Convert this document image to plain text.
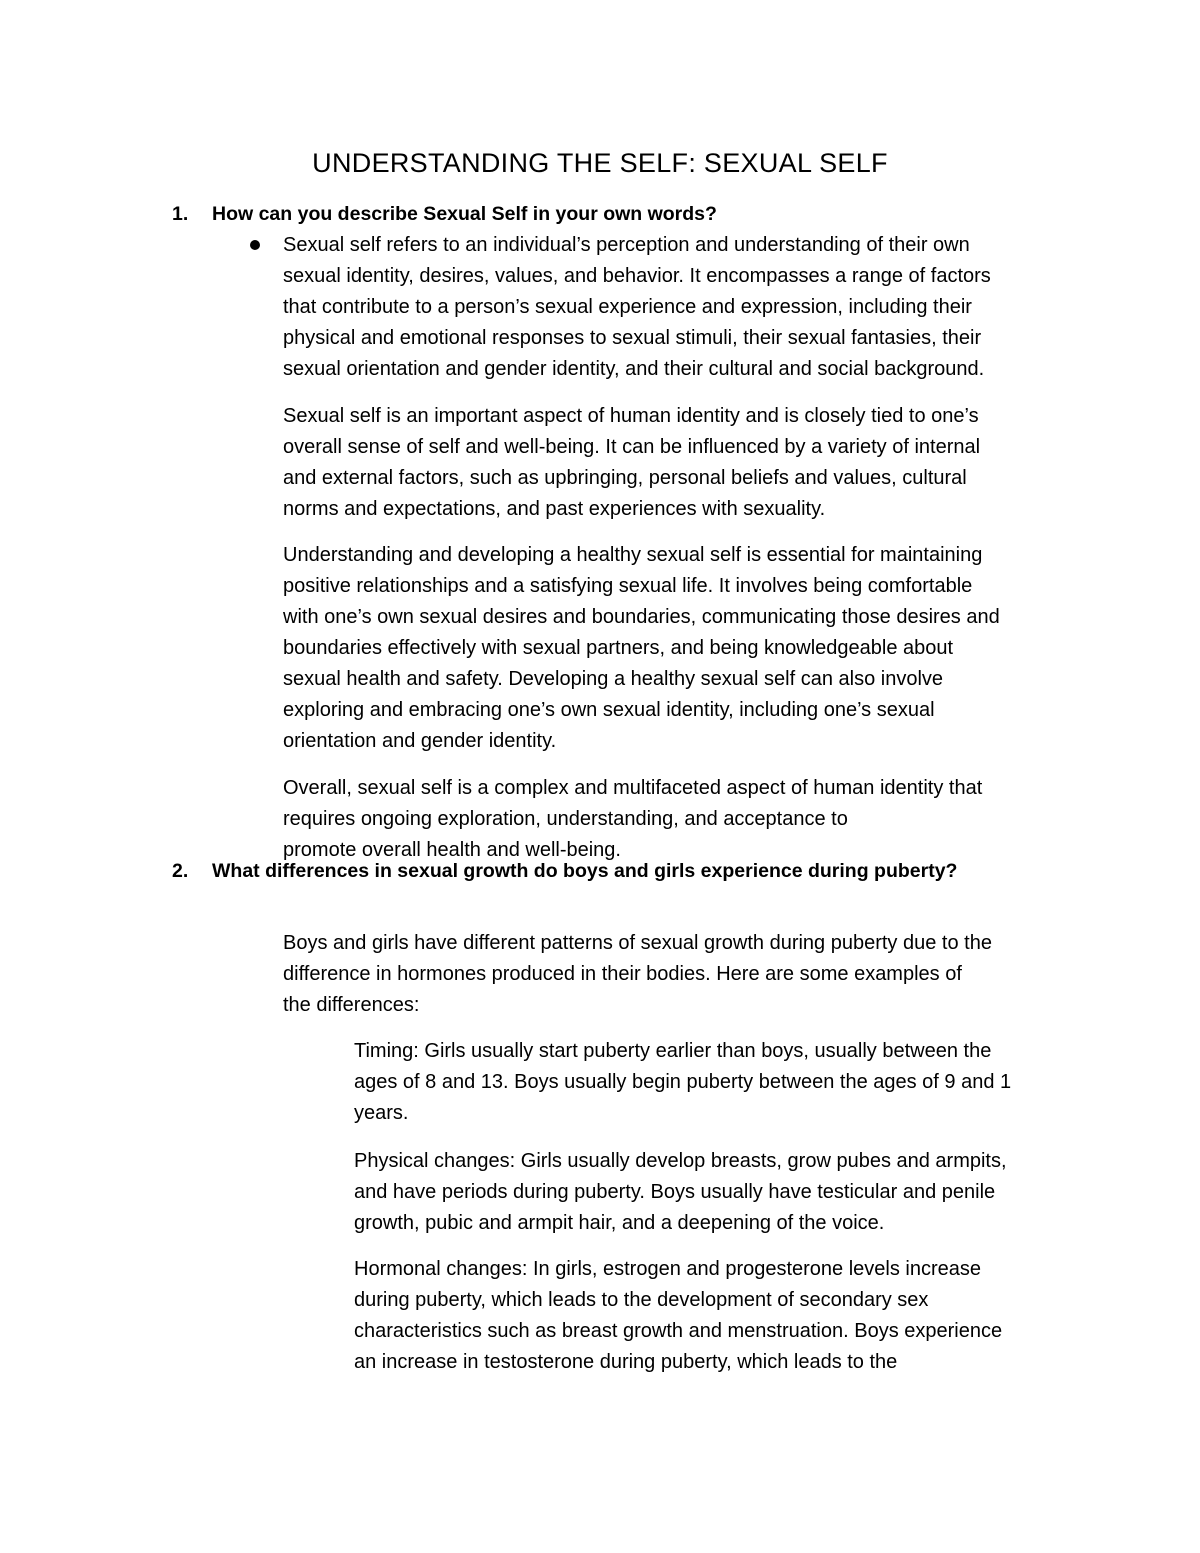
UNDERSTANDING THE SELF: SEXUAL SELF
1. How can you describe Sexual Self in your own words?

Sexual self refers to an individual’s perception and understanding of their own
sexual identity, desires, values, and behavior. It encompasses a range of factors
that contribute to a person’s sexual experience and expression, including their
physical and emotional responses to sexual stimuli, their sexual fantasies, their
sexual orientation and gender identity, and their cultural and social background.

Sexual self is an important aspect of human identity and is closely tied to one’s
overall sense of self and well-being. It can be influenced by a variety of internal
and external factors, such as upbringing, personal beliefs and values, cultural
norms and expectations, and past experiences with sexuality.

Understanding and developing a healthy sexual self is essential for maintaining
positive relationships and a satisfying sexual life. It involves being comfortable
with one’s own sexual desires and boundaries, communicating those desires and
boundaries effectively with sexual partners, and being knowledgeable about
sexual health and safety. Developing a healthy sexual self can also involve
exploring and embracing one’s own sexual identity, including one’s sexual
orientation and gender identity.

Overall, sexual self is a complex and multifaceted aspect of human identity that
requires ongoing exploration, understanding, and acceptance to
promote overall health and well-being.

2. What differences in sexual growth do boys and girls experience during puberty?

Boys and girls have different patterns of sexual growth during puberty due to the
difference in hormones produced in their bodies. Here are some examples of
the differences:

Timing: Girls usually start puberty earlier than boys, usually between the
ages of 8 and 13. Boys usually begin puberty between the ages of 9 and 1
years.

Physical changes: Girls usually develop breasts, grow pubes and armpits,
and have periods during puberty. Boys usually have testicular and penile
growth, pubic and armpit hair, and a deepening of the voice.

Hormonal changes: In girls, estrogen and progesterone levels increase
during puberty, which leads to the development of secondary sex
characteristics such as breast growth and menstruation. Boys experience
an increase in testosterone during puberty, which leads to the
